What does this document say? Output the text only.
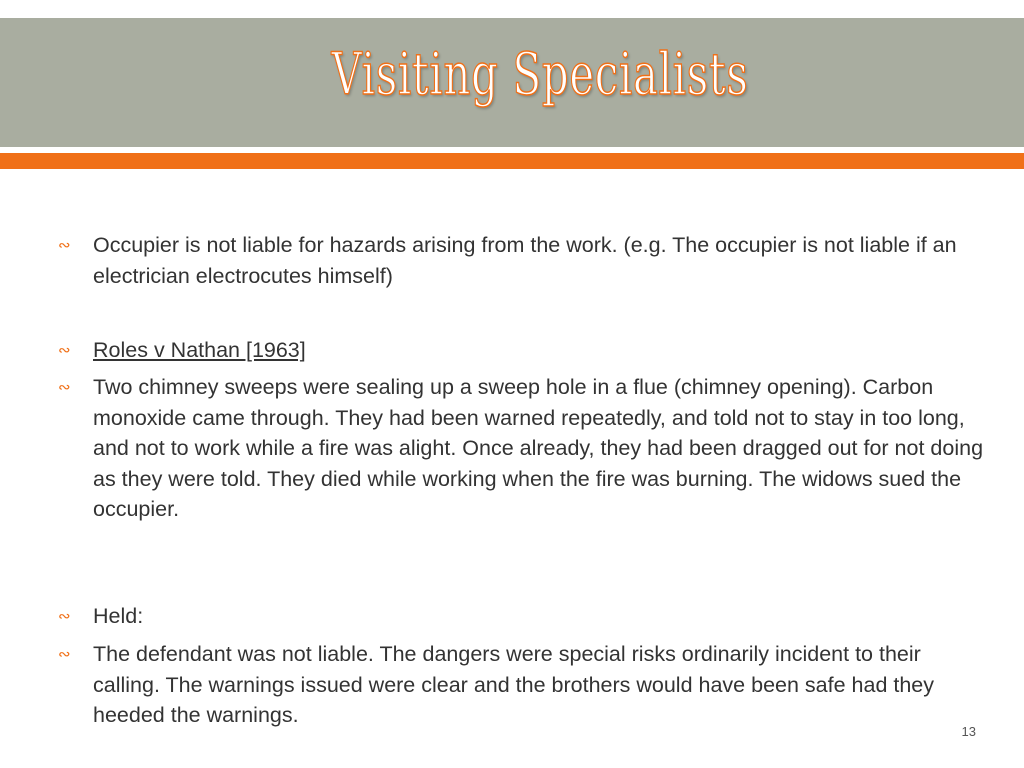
Visiting Specialists
∾ Occupier is not liable for hazards arising from the work. (e.g. The occupier is not liable if an electrician electrocutes himself)
∾ Roles v Nathan [1963]
∾ Two chimney sweeps were sealing up a sweep hole in a flue (chimney opening). Carbon monoxide came through. They had been warned repeatedly, and told not to stay in too long, and not to work while a fire was alight. Once already, they had been dragged out for not doing as they were told. They died while working when the fire was burning. The widows sued the occupier.
∾ Held:
∾ The defendant was not liable. The dangers were special risks ordinarily incident to their calling. The warnings issued were clear and the brothers would have been safe had they heeded the warnings.
13
